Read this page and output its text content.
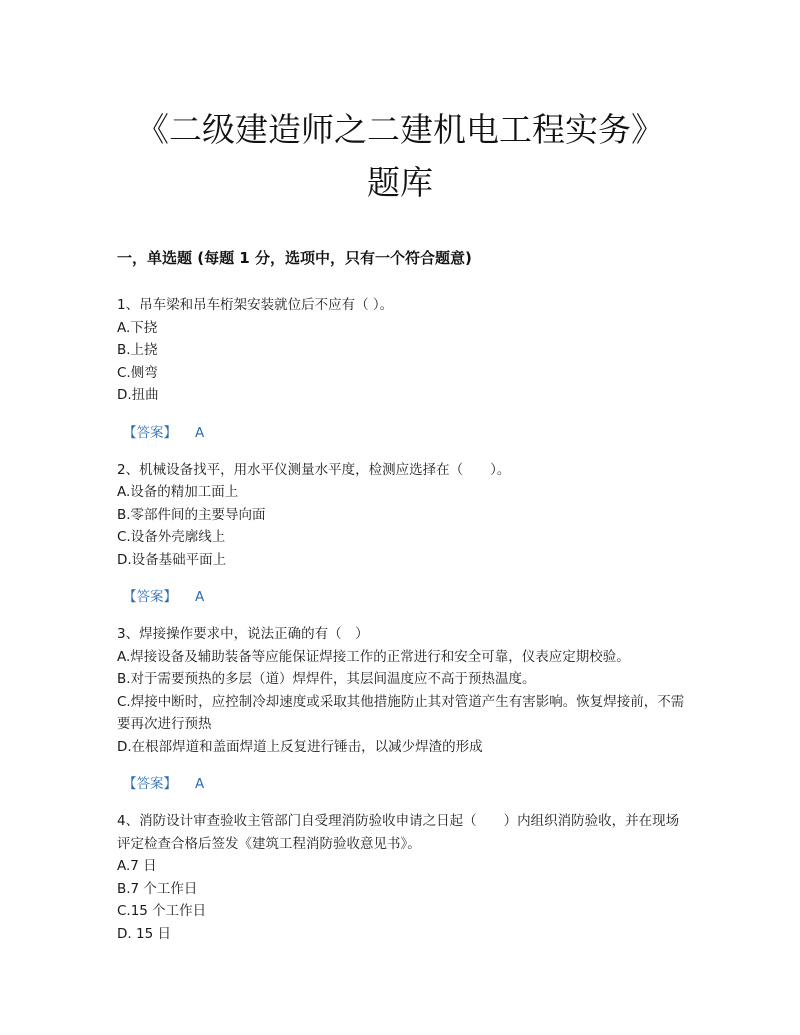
《二级建造师之二建机电工程实务》
题库
一，单选题 (每题 1 分，选项中，只有一个符合题意)

1、吊车梁和吊车桁架安装就位后不应有（ ）。

A.下挠

B.上挠

C.侧弯

D.扭曲

【答案】 A

2、机械设备找平，用水平仪测量水平度，检测应选择在（　　）。

A.设备的精加工面上

B.零部件间的主要导向面

C.设备外壳廓线上

D.设备基础平面上

【答案】 A

3、焊接操作要求中，说法正确的有（　）

A.焊接设备及辅助装备等应能保证焊接工作的正常进行和安全可靠，仪表应定期校验。

B.对于需要预热的多层（道）焊焊件，其层间温度应不高于预热温度。

C.焊接中断时，应控制冷却速度或采取其他措施防止其对管道产生有害影响。恢复焊接前，不需要再次进行预热

D.在根部焊道和盖面焊道上反复进行锤击，以减少焊渣的形成

【答案】 A

4、消防设计审查验收主管部门自受理消防验收申请之日起（　　）内组织消防验收，并在现场评定检查合格后签发《建筑工程消防验收意见书》。

A.7 日

B.7 个工作日

C.15 个工作日

D. 15 日
